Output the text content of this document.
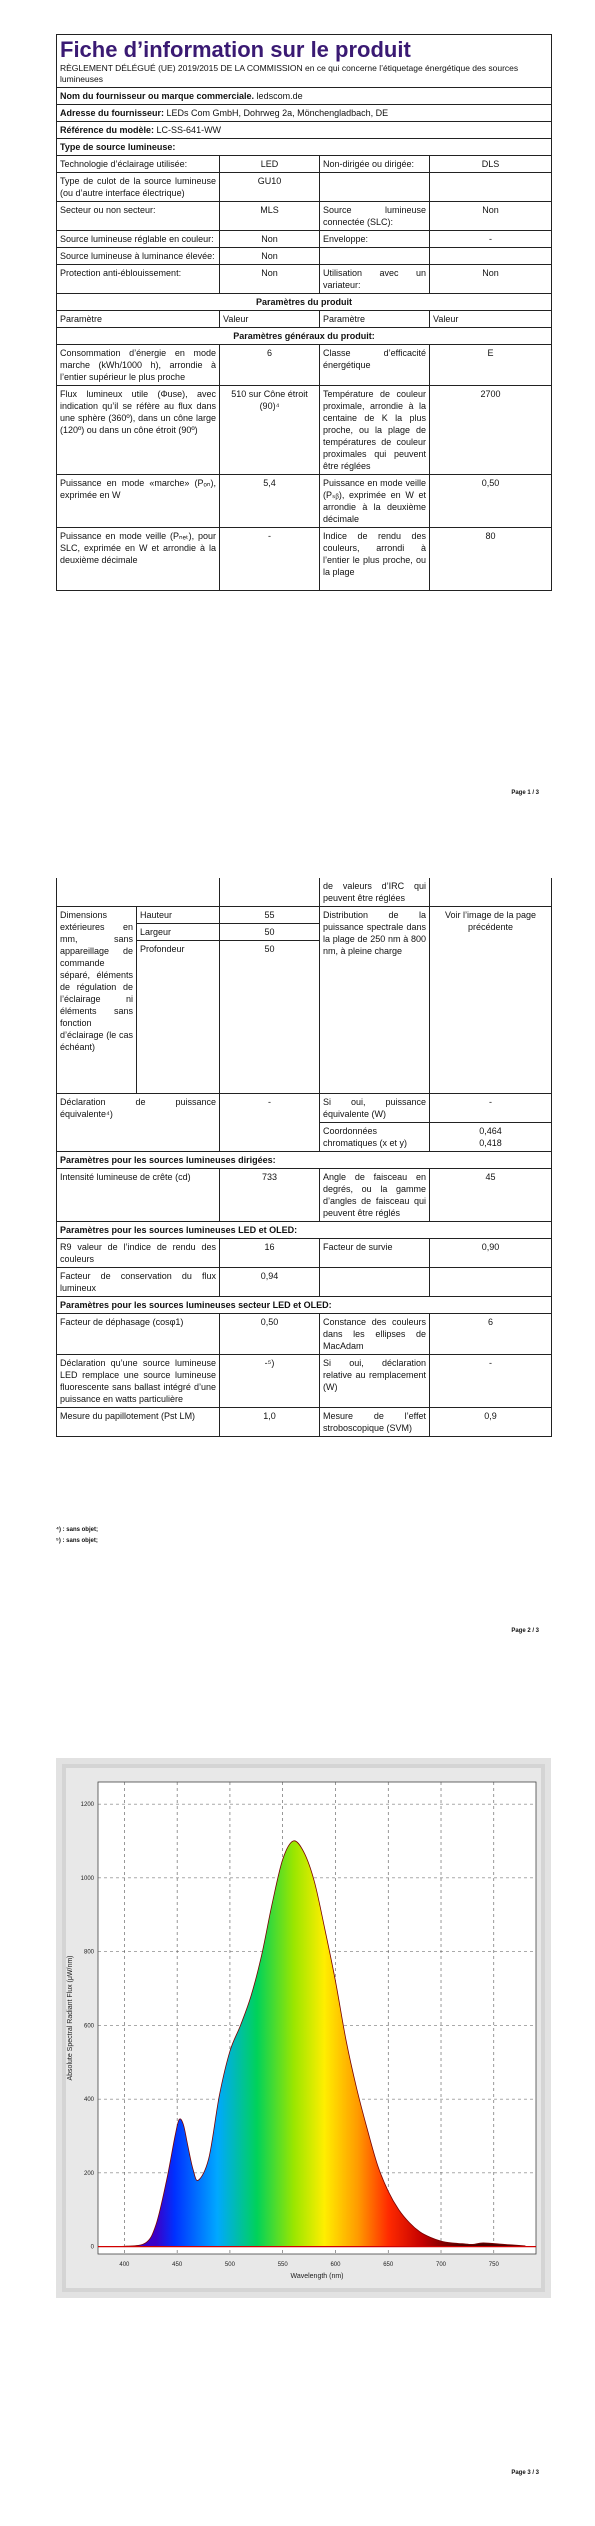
Fiche d’information sur le produit
RÈGLEMENT DÉLÉGUÉ (UE) 2019/2015 DE LA COMMISSION en ce qui concerne l’étiquetage énergétique des sources lumineuses			

Nom du fournisseur ou marque commerciale. ledscom.de			
Adresse du fournisseur: LEDs Com GmbH, Dohrweg 2a, Mönchengladbach, DE			
Référence du modèle: LC-SS-641-WW			
Type de source lumineuse:			
Technologie d’éclairage utilisée:	LED	Non-dirigée ou dirigée:	DLS
Type de culot de la source lumineuse (ou d’autre interface électrique)	GU10		
Secteur ou non secteur:	MLS	Source lumineuse connectée (SLC):	Non
Source lumineuse réglable en couleur:	Non	Enveloppe:	-
Source lumineuse à luminance élevée:	Non		
Protection anti-éblouissement:	Non	Utilisation avec un variateur:	Non
Paramètres du produit			
Paramètre	Valeur	Paramètre	Valeur
Paramètres généraux du produit:			
Consommation d’énergie en mode marche (kWh/1000 h), arrondie à l’entier supérieur le plus proche	6	Classe d’efficacité énergétique	E
Flux lumineux utile (Φuse), avec indication qu’il se réfère au flux dans une sphère (360º), dans un cône large (120º) ou dans un cône étroit (90º)	510 sur Cône étroit (90)⁴	Température de couleur proximale, arrondie à la centaine de K la plus proche, ou la plage de températures de couleur proximales qui peuvent être réglées	2700
Puissance en mode «marche» (Pₒₙ), exprimée en W	5,4	Puissance en mode veille (Pₛᵦ), exprimée en W et arrondie à la deuxième décimale	0,50
Puissance en mode veille (Pₙₑₜ), pour SLC, exprimée en W et arrondie à la deuxième décimale	-	Indice de rendu des couleurs, arrondi à l’entier le plus proche, ou la plage	80
Page 1 / 3
			de valeurs d’IRC qui peuvent être réglées	
Dimensions extérieures en mm, sans appareillage de commande séparé, éléments de régulation de l’éclairage ni éléments sans fonction d’éclairage (le cas échéant)	Hauteur	55	Distribution de la puissance spectrale dans la plage de 250 nm à 800 nm, à pleine charge	Voir l’image de la page précédente
	Largeur	50		
	Profondeur	50		
Déclaration de puissance équivalente⁴)		-	Si oui, puissance équivalente (W)	-
			Coordonnées chromatiques (x et y)	0,464
0,418

Paramètres pour les sources lumineuses dirigées:				
Intensité lumineuse de crête (cd)		733	Angle de faisceau en degrés, ou la gamme d’angles de faisceau qui peuvent être réglés	45
Paramètres pour les sources lumineuses LED et OLED:				
R9 valeur de l’indice de rendu des couleurs		16	Facteur de survie	0,90
Facteur de conservation du flux lumineux		0,94		
Paramètres pour les sources lumineuses secteur LED et OLED:				
Facteur de déphasage (cosφ1)		0,50	Constance des couleurs dans les ellipses de MacAdam	6
Déclaration qu’une source lumineuse LED remplace une source lumineuse fluorescente sans ballast intégré d’une puissance en watts particulière		-⁵)	Si oui, déclaration relative au remplacement (W)	-
Mesure du papillotement (Pst LM)		1,0	Mesure de l’effet stroboscopique (SVM)	0,9
⁴) : sans objet;
⁵) : sans objet;
Page 2 / 3
400	450	500	550	600	650	700	750
0
200
400
600
800
1000
1200
Absolute Spectral Radiant Flux (μW/nm)
Wavelength (nm)
Page 3 / 3
